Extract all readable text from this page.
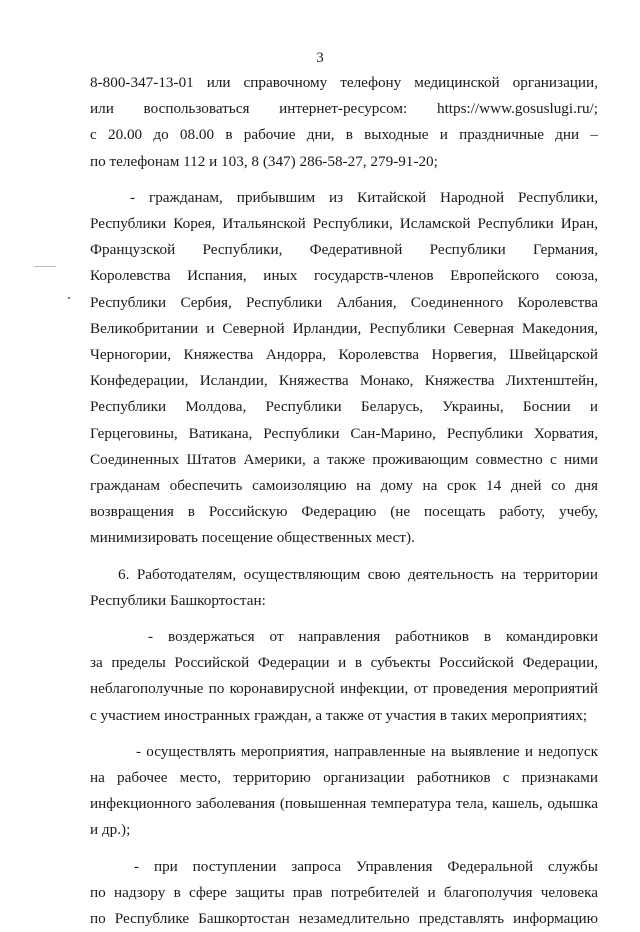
3

8-800-347-13-01 или справочному телефону медицинской организации,
или воспользоваться интернет-ресурсом: https://www.gosuslugi.ru/;
с 20.00 до 08.00 в рабочие дни, в выходные и праздничные дни –
по телефонам 112 и 103, 8 (347) 286-58-27, 279-91-20;

- гражданам, прибывшим из Китайской Народной Республики,
Республики Корея, Итальянской Республики, Исламской Республики Иран,
Французской Республики, Федеративной Республики Германия,
Королевства Испания, иных государств-членов Европейского союза,
Республики Сербия, Республики Албания, Соединенного Королевства
Великобритании и Северной Ирландии, Республики Северная Македония,
Черногории, Княжества Андорра, Королевства Норвегия, Швейцарской
Конфедерации, Исландии, Княжества Монако, Княжества Лихтенштейн,
Республики Молдова, Республики Беларусь, Украины, Боснии и
Герцеговины, Ватикана, Республики Сан-Марино, Республики Хорватия,
Соединенных Штатов Америки, а также проживающим совместно с ними
гражданам обеспечить самоизоляцию на дому на срок 14 дней со дня
возвращения в Российскую Федерацию (не посещать работу, учебу,
минимизировать посещение общественных мест).

6. Работодателям, осуществляющим свою деятельность на территории
Республики Башкортостан:

- воздержаться от направления работников в командировки
за пределы Российской Федерации и в субъекты Российской Федерации,
неблагополучные по коронавирусной инфекции, от проведения мероприятий
с участием иностранных граждан, а также от участия в таких мероприятиях;

- осуществлять мероприятия, направленные на выявление и недопуск
на рабочее место, территорию организации работников с признаками
инфекционного заболевания (повышенная температура тела, кашель, одышка
и др.);

- при поступлении запроса Управления Федеральной службы
по надзору в сфере защиты прав потребителей и благополучия человека
по Республике Башкортостан незамедлительно представлять информацию
